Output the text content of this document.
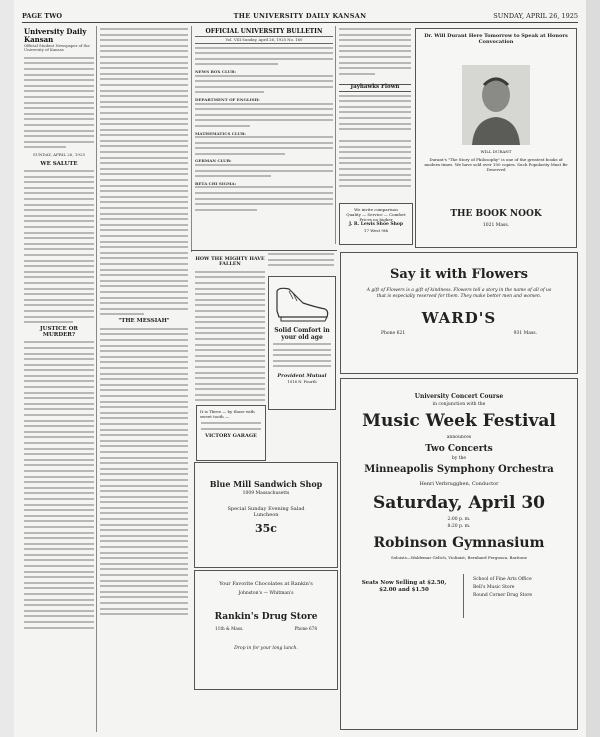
PAGE TWO	THE UNIVERSITY DAILY KANSAN	SUNDAY, APRIL 26, 1925
University Daily Kansan
Official Student Newspaper of the University of Kansas
SUNDAY, APRIL 26, 1925
WE SALUTE
JUSTICE OR MURDER?
"THE MESSIAH"
OFFICIAL UNIVERSITY BULLETIN
Vol. VIII Sunday, April 26, 1925 No. 160
NEWS BOX CLUB:
DEPARTMENT OF ENGLISH:
MATHEMATICS CLUB:
GERMAN CLUB:
BETA CHI SIGMA:
HOW THE MIGHTY HAVE FALLEN
Solid Comfort in your old age
Provident Mutual
1016 N. Fourth
It is Three — by those with sweet tooth —
VICTORY GARAGE
Blue Mill Sandwich Shop
1009 Massachusetts
Special Sunday Evening Salad Luncheon
35c
Your Favorite Chocolates at Rankin's
Johnston's — Whitman's
Rankin's Drug Store
11th & Mass.	Phone 678
Drop in for your long lunch.
Jayhawks Flown
We invite comparison
Quality — Service — Comfort
Prices no higher
J. R. Lewis Shoe Shop
17 West 9th
Dr. Will Durant Here Tomorrow to Speak at Honors Convocation
WILL DURANT
Durant's "The Story of Philosophy" is one of the greatest books of modern times. We have sold over 100 copies. Such Popularity Must Be Deserved
THE BOOK NOOK
1021 Mass.
Say it with Flowers
A gift of Flowers is a gift of kindness. Flowers tell a story in the name of all of us that is especially reserved for them. They make better men and women.
WARD'S
Phone 621	931 Mass.
University Concert Course
in conjunction with the
Music Week Festival
announces
Two Concerts
by the
Minneapolis Symphony Orchestra
Henri Verbrugghen, Conductor
Saturday, April 30
2:00 p. m.
8:20 p. m.
Robinson Gymnasium
Soloists—Waldemar Geltch, Violinist; Bernhard Ferguson, Baritone
Seats Now Selling at $2.50, $2.00 and $1.50
School of Fine Arts Office
Bell's Music Store
Round Corner Drug Store
